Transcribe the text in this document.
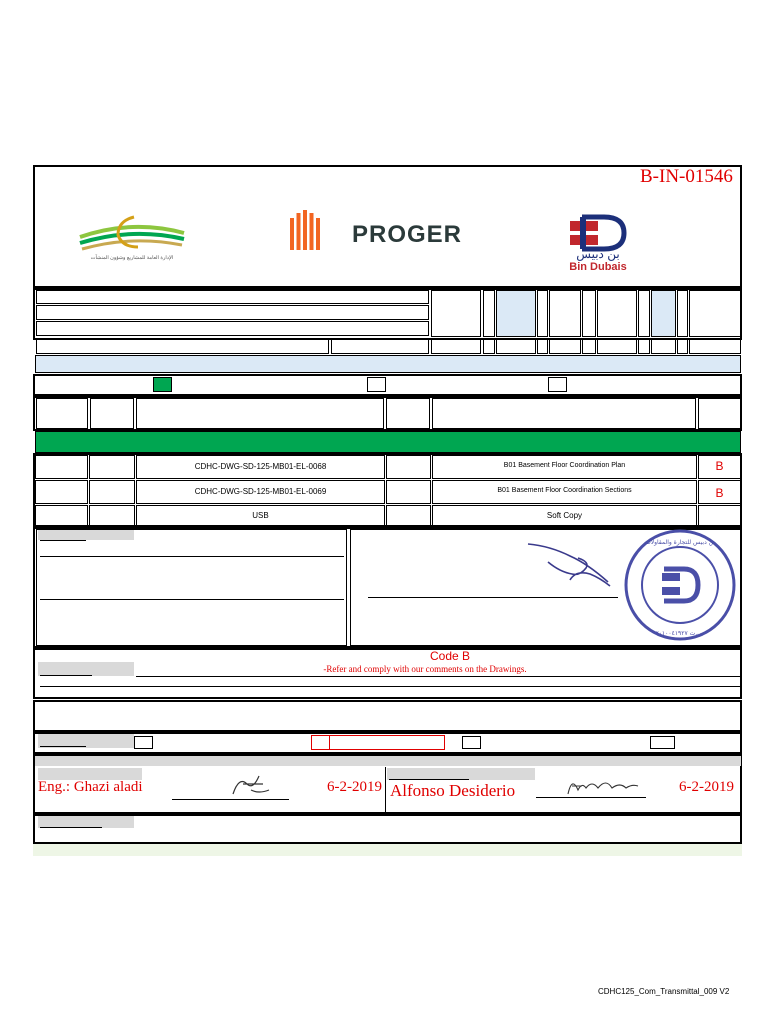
B-IN-01546
الإدارة العامة للمشاريع وشؤون المنشآت
PROGER
بن دبيس
Bin Dubais
CDHC-DWG-SD-125-MB01-EL-0068	B01 Basement Floor Coordination Plan	B
CDHC-DWG-SD-125-MB01-EL-0069	B01 Basement Floor Coordination Sections	B
USB	Soft Copy
بن دبيس للتجارة والمقاولات
س.ت ٢٠١٠٠٤١٩٢٧
Code B
-Refer and comply with our comments on the Drawings.
Eng.: Ghazi aladi	6-2-2019 Alfonso Desiderio	6-2-2019
CDHC125_Com_Transmittal_009 V2
